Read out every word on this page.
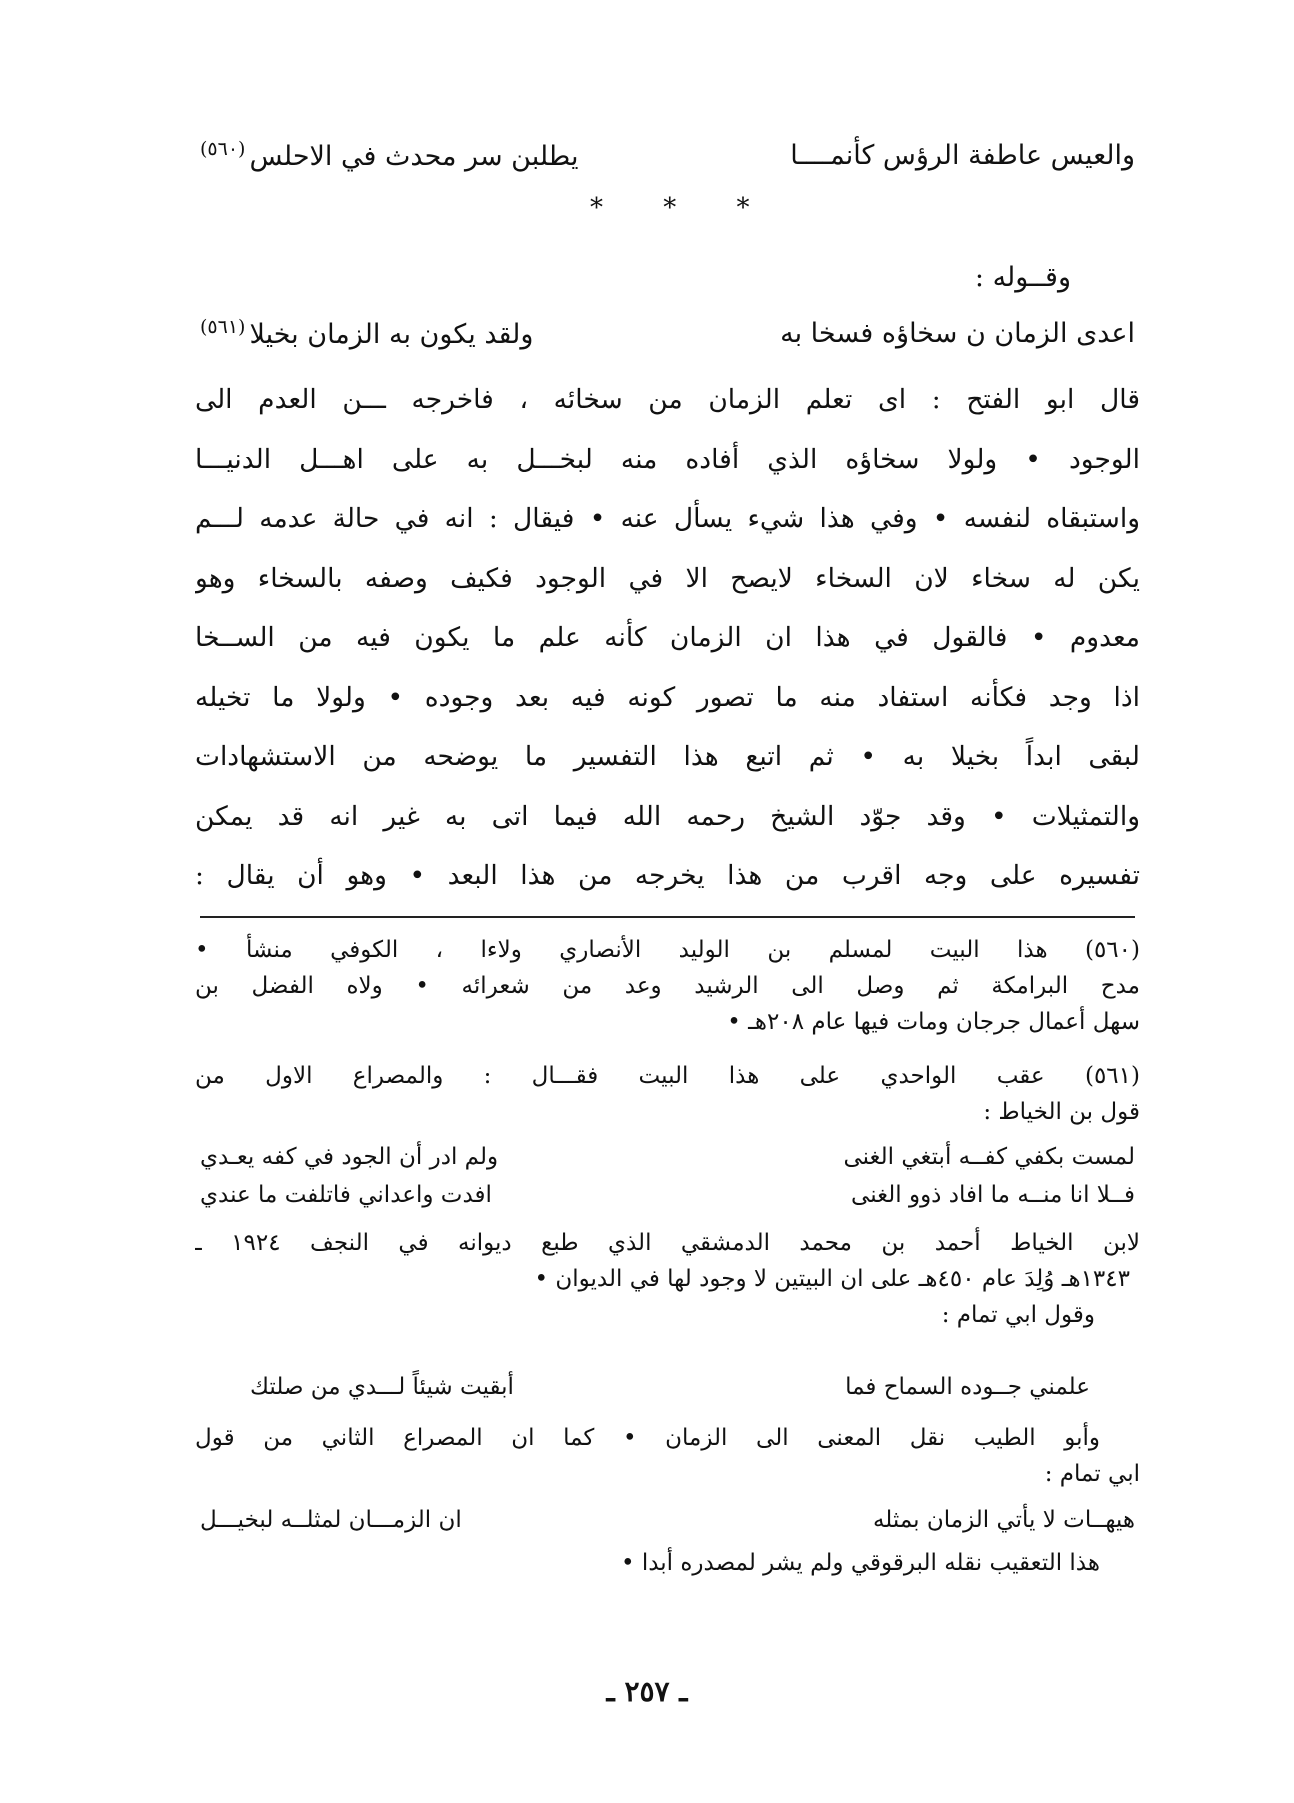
والعيس عاطفة الرؤس كأنمــــا
يطلبن سر محدث في الاحلس$^{(٥٦٠)}$
* * *
وقــوله :
اعدى الزمان ن سخاؤه فسخا به
ولقد يكون به الزمان بخيلا$^{(٥٦١)}$
قال ابو الفتح : اى تعلم الزمان من سخائه ، فاخرجه ـــن العدم الى
الوجود • ولولا سخاؤه الذي أفاده منه لبخـــل به على اهـــل الدنيـــا
واستبقاه لنفسه • وفي هذا شيء يسأل عنه • فيقال : انه في حالة عدمه لـــم
يكن له سخاء لان السخاء لايصح الا في الوجود فكيف وصفه بالسخاء وهو
معدوم • فالقول في هذا ان الزمان كأنه علم ما يكون فيه من الســخا
اذا وجد فكأنه استفاد منه ما تصور كونه فيه بعد وجوده • ولولا ما تخيله
لبقى ابداً بخيلا به • ثم اتبع هذا التفسير ما يوضحه من الاستشهادات
والتمثيلات • وقد جوّد الشيخ رحمه الله فيما اتى به غير انه قد يمكن
تفسيره على وجه اقرب من هذا يخرجه من هذا البعد • وهو أن يقال :
(٥٦٠) هذا البيت لمسلم بن الوليد الأنصاري ولاءا ، الكوفي منشأ •
مدح البرامكة ثم وصل الى الرشيد وعد من شعرائه • ولاه الفضل بن
سهل أعمال جرجان ومات فيها عام ٢٠٨هـ •
(٥٦١) عقب الواحدي على هذا البيت فقـــال : والمصراع الاول من
قول بن الخياط :
لمست بكفي كفــه أبتغي الغنى
ولم ادر أن الجود في كفه يعـدي
فــلا انا منــه ما افاد ذوو الغنى
افدت واعداني فاتلفت ما عندي
لابن الخياط أحمد بن محمد الدمشقي الذي طبع ديوانه في النجف ١٩٢٤ ـ
١٣٤٣هـ وُلِدَ عام ٤٥٠هـ على ان البيتين لا وجود لها في الديوان •
وقول ابي تمام :
علمني جــوده السماح فما
أبقيت شيئاً لـــدي من صلتك
وأبو الطيب نقل المعنى الى الزمان • كما ان المصراع الثاني من قول
ابي تمام :
هيهــات لا يأتي الزمان بمثله
ان الزمـــان لمثلــه لبخيـــل
هذا التعقيب نقله البرقوقي ولم يشر لمصدره أبدا •
ـ ٢٥٧ ـ
